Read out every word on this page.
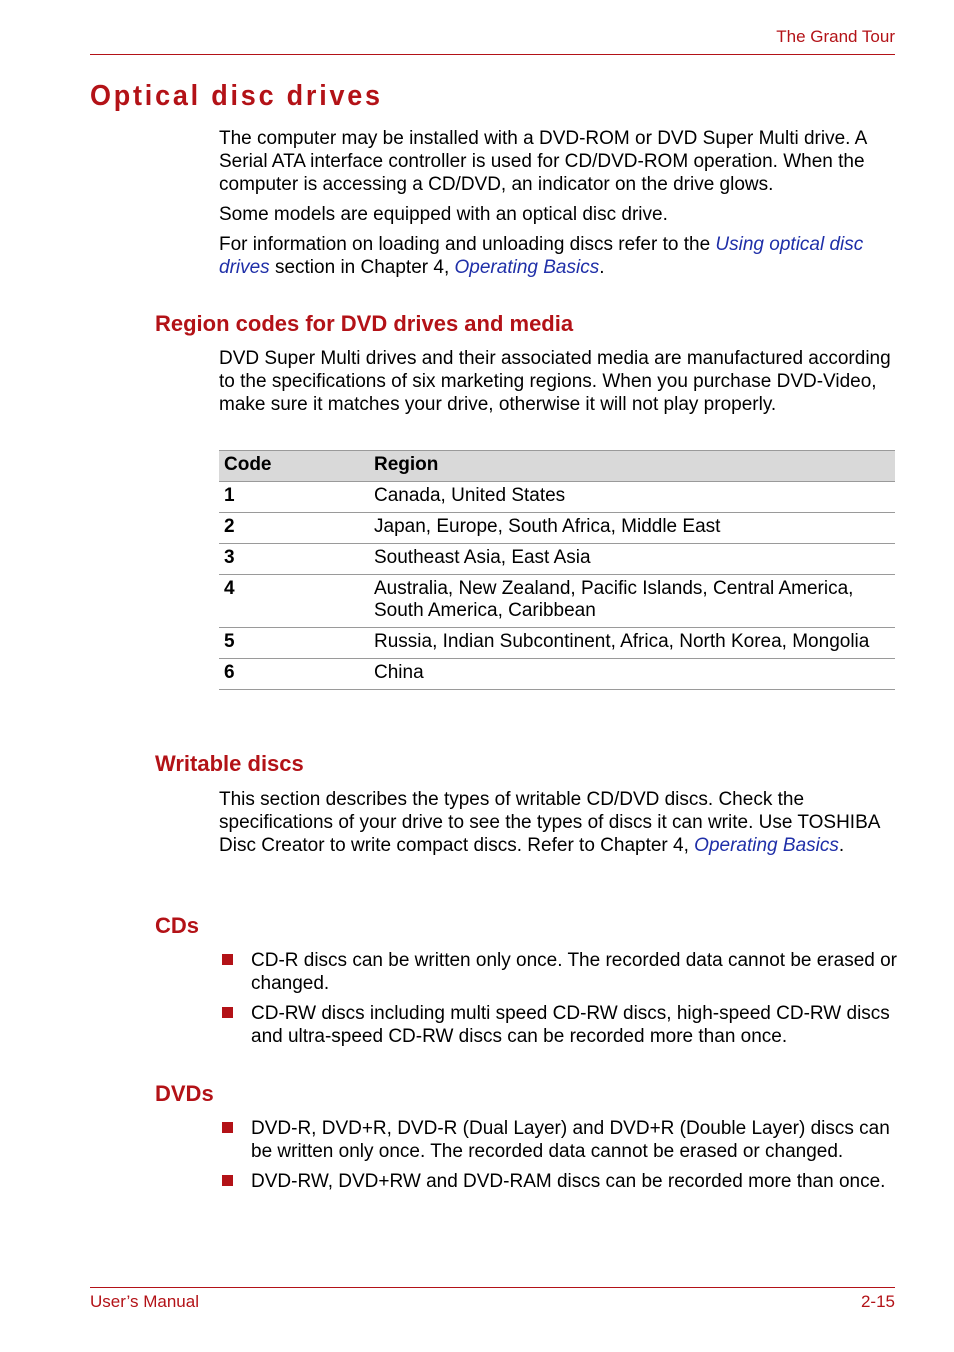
The Grand Tour
Optical disc drives

The computer may be installed with a DVD-ROM or DVD Super Multi drive. A Serial ATA interface controller is used for CD/DVD-ROM operation. When the computer is accessing a CD/DVD, an indicator on the drive glows.

Some models are equipped with an optical disc drive.

For information on loading and unloading discs refer to the Using optical disc drives section in Chapter 4, Operating Basics.

Region codes for DVD drives and media
DVD Super Multi drives and their associated media are manufactured according to the specifications of six marketing regions. When you purchase DVD-Video, make sure it matches your drive, otherwise it will not play properly.
Code	Region
1	Canada, United States
2	Japan, Europe, South Africa, Middle East
3	Southeast Asia, East Asia
4	Australia, New Zealand, Pacific Islands, Central America, South America, Caribbean
5	Russia, Indian Subcontinent, Africa, North Korea, Mongolia
6	China
Writable discs
This section describes the types of writable CD/DVD discs. Check the specifications of your drive to see the types of discs it can write. Use TOSHIBA Disc Creator to write compact discs. Refer to Chapter 4, Operating Basics.
CDs
CD-R discs can be written only once. The recorded data cannot be erased or changed.
CD-RW discs including multi speed CD-RW discs, high-speed CD-RW discs and ultra-speed CD-RW discs can be recorded more than once.
DVDs
DVD-R, DVD+R, DVD-R (Dual Layer) and DVD+R (Double Layer) discs can be written only once. The recorded data cannot be erased or changed.
DVD-RW, DVD+RW and DVD-RAM discs can be recorded more than once.
User’s Manual	2-15
